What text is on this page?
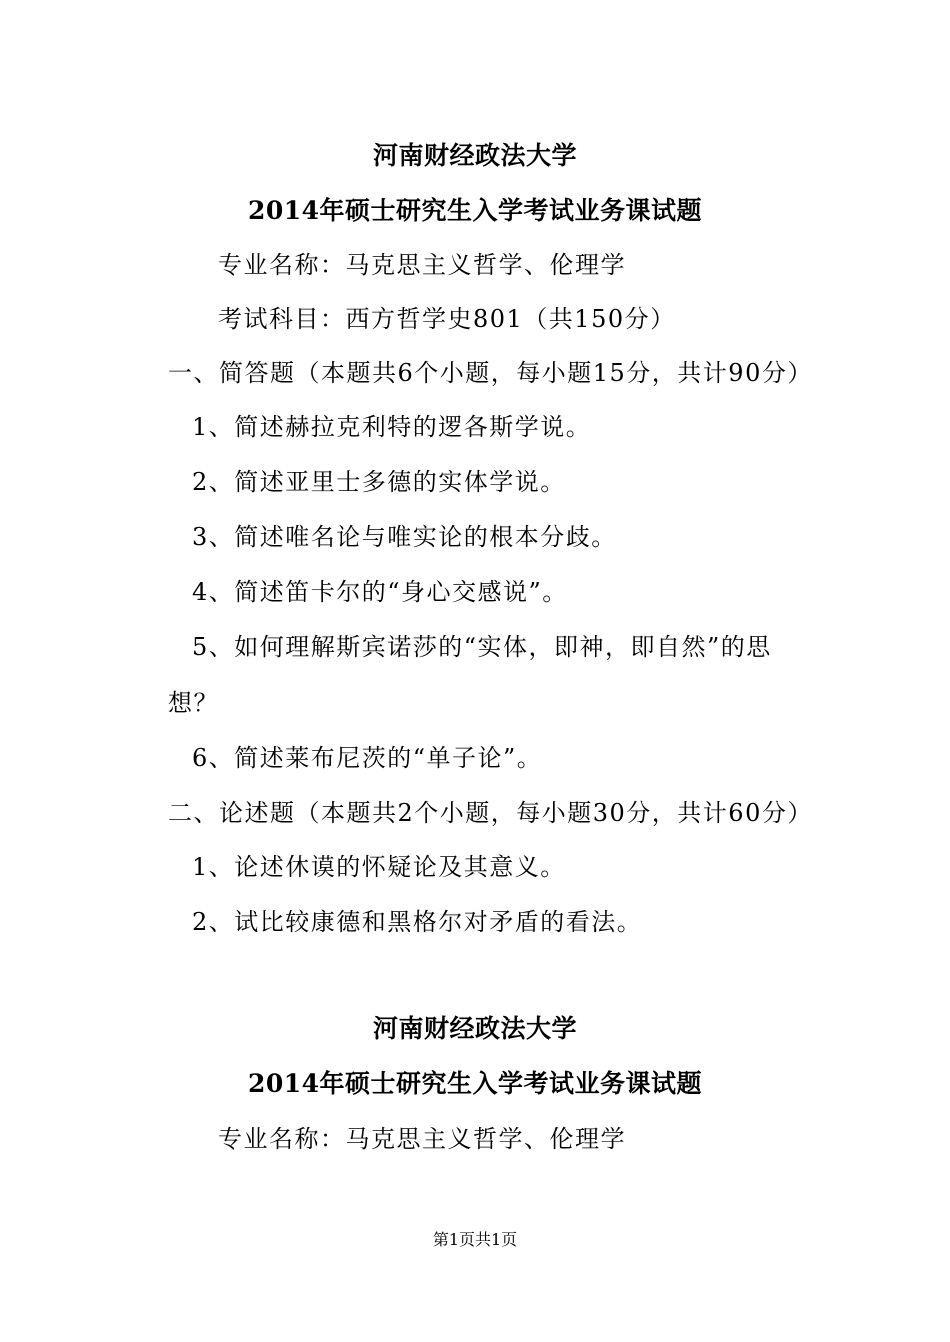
河南财经政法大学
2014年硕士研究生入学考试业务课试题
专业名称：马克思主义哲学、伦理学
考试科目：西方哲学史801（共150分）
一、简答题（本题共6个小题，每小题15分，共计90分）
1、简述赫拉克利特的逻各斯学说。
2、简述亚里士多德的实体学说。
3、简述唯名论与唯实论的根本分歧。
4、简述笛卡尔的“身心交感说”。
5、如何理解斯宾诺莎的“实体，即神，即自然”的思
想？
6、简述莱布尼茨的“单子论”。
二、论述题（本题共2个小题，每小题30分，共计60分）
1、论述休谟的怀疑论及其意义。
2、试比较康德和黑格尔对矛盾的看法。
河南财经政法大学
2014年硕士研究生入学考试业务课试题
专业名称：马克思主义哲学、伦理学
第1页共1页
